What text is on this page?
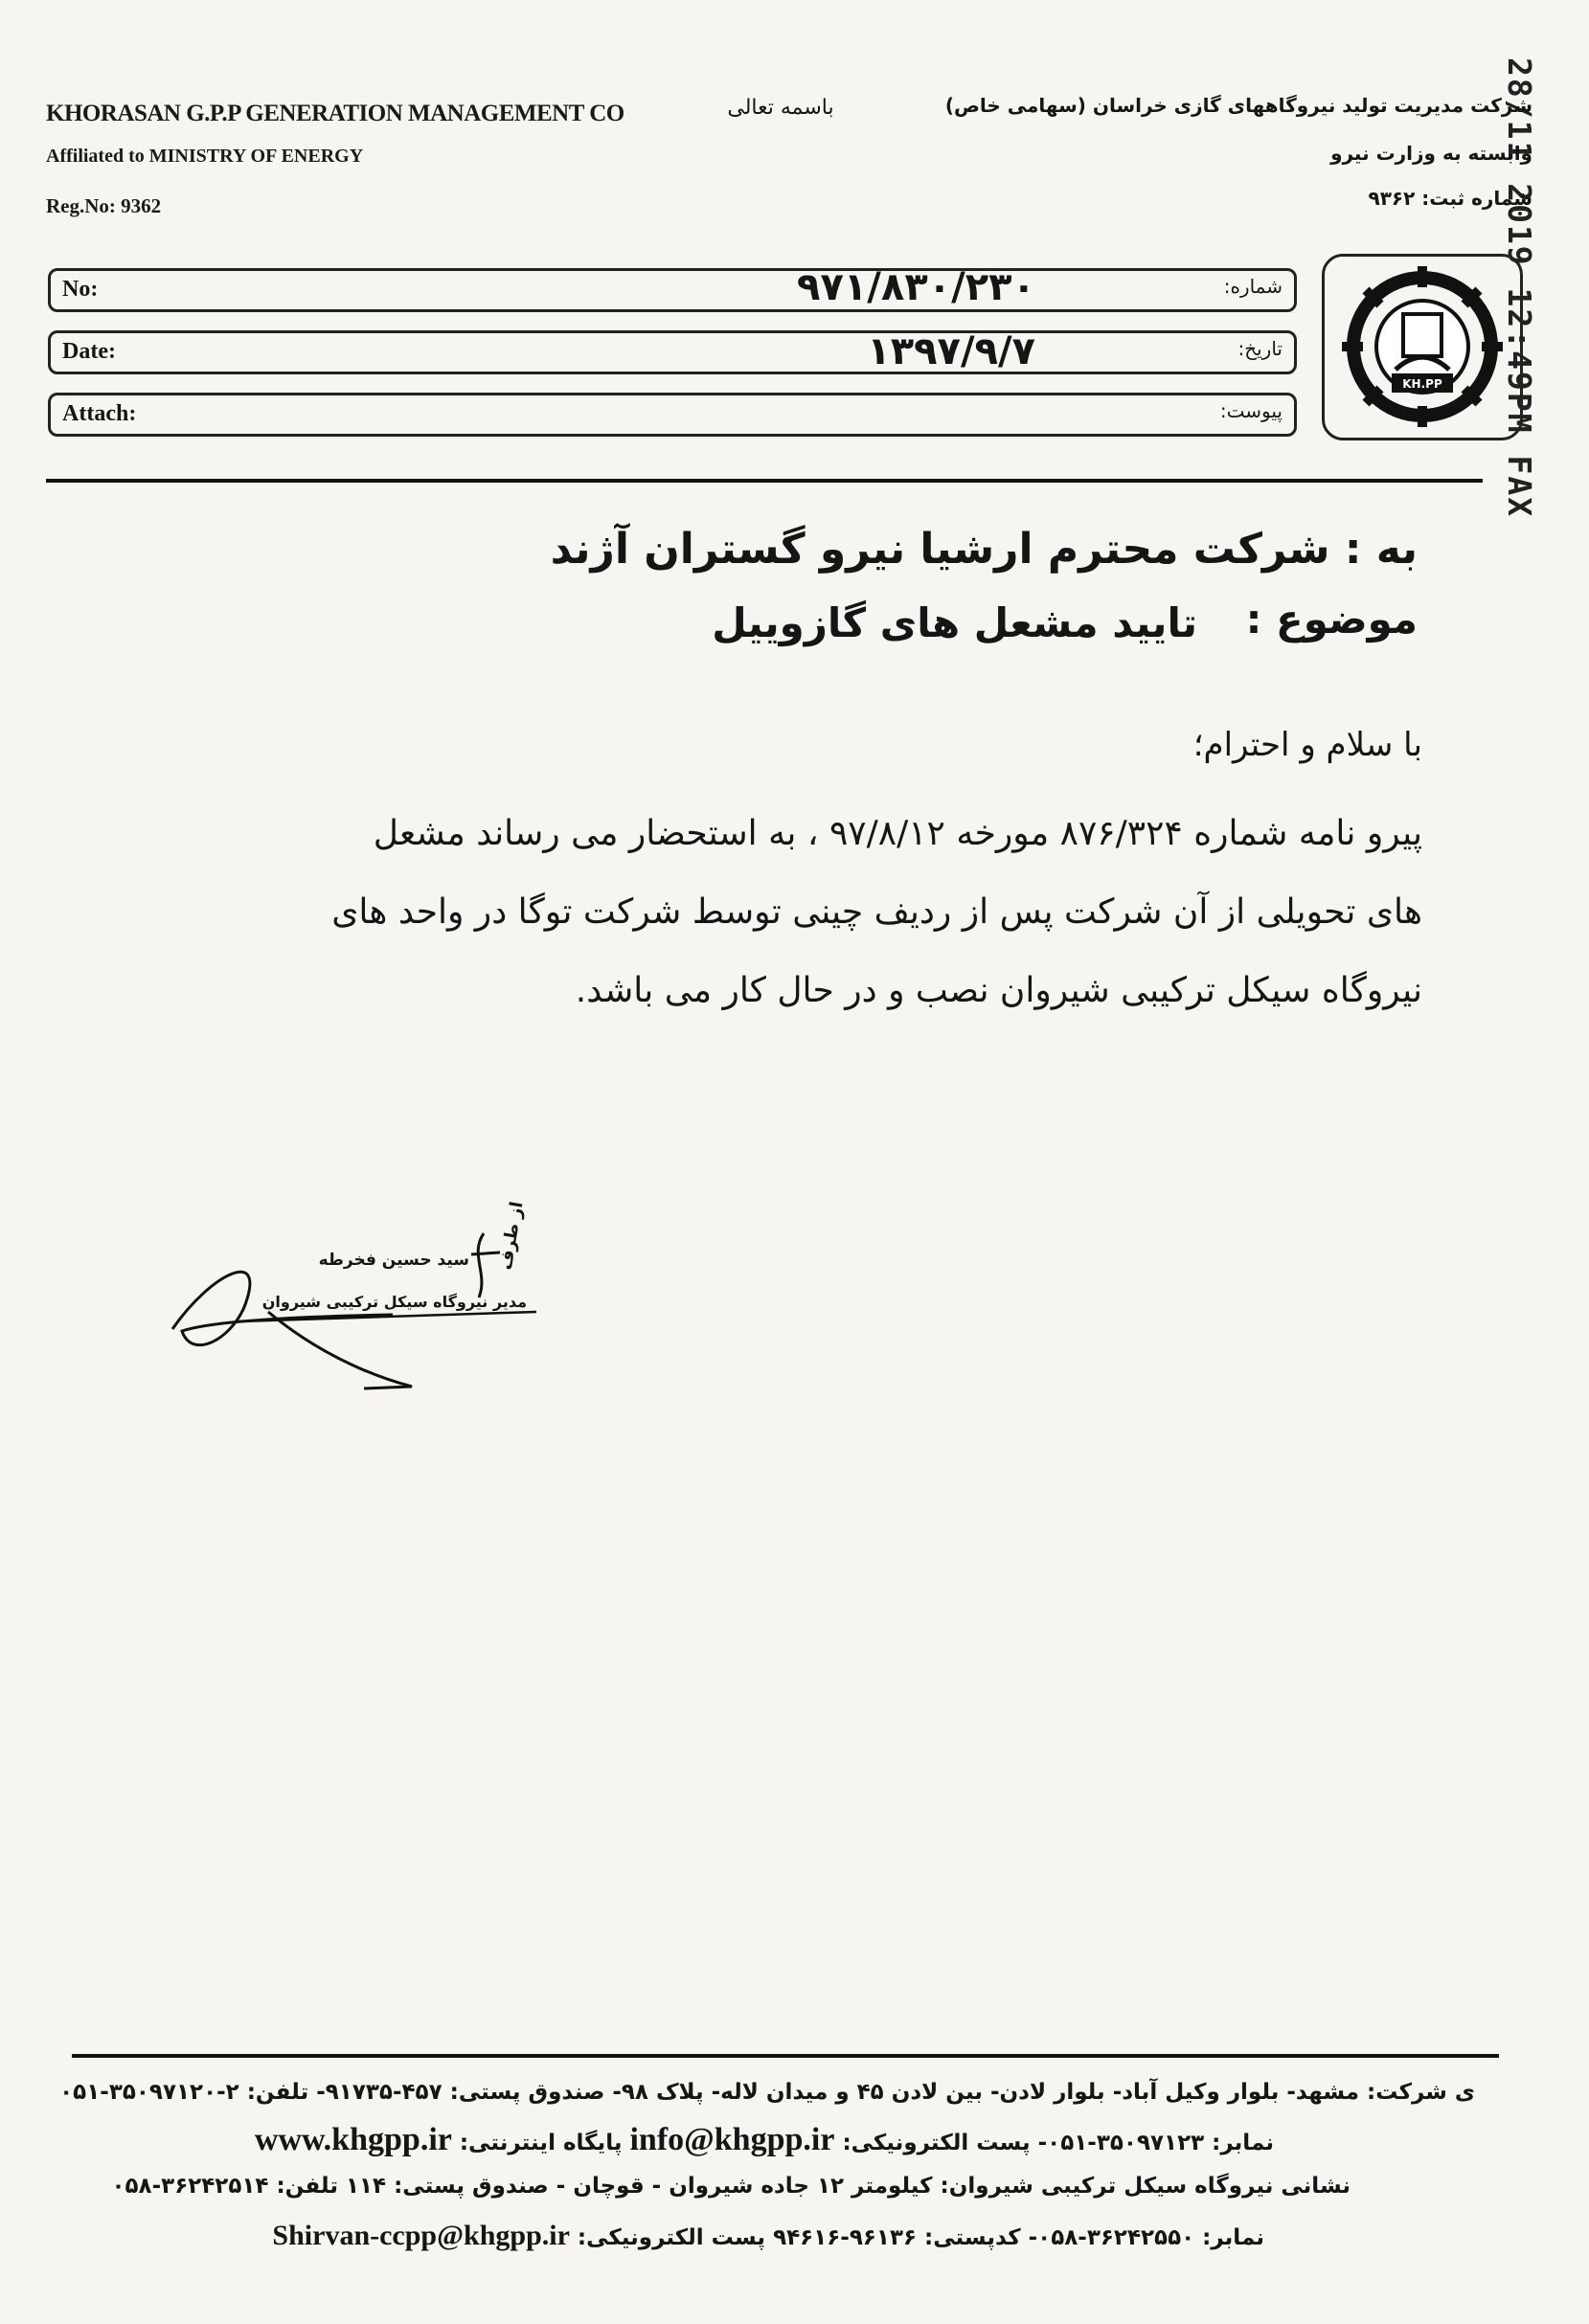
28/11 2019 12:49PM FAX
KHORASAN G.P.P GENERATION MANAGEMENT CO
Affiliated to MINISTRY OF ENERGY
Reg.No: 9362
باسمه تعالی	شرکت مدیریت تولید نیروگاههای گازی خراسان (سهامی خاص)
وابسته به وزارت نیرو
شماره ثبت: ۹۳۶۲
No:	۹۷۱/۸۳۰/۲۳۰	شماره:
Date:	۱۳۹۷/۹/۷	تاریخ:
Attach:	پیوست:
KH.PP
به : شرکت محترم ارشیا نیرو گستران آژند
موضوع :
تایید مشعل های گازوییل
با سلام و احترام؛
پیرو نامه شماره ۸۷۶/۳۲۴ مورخه ۹۷/۸/۱۲ ، به استحضار می رساند مشعل
های تحویلی از آن شرکت پس از ردیف چینی توسط شرکت توگا در واحد های
نیروگاه سیکل ترکیبی شیروان نصب و در حال کار می باشد.
سید حسین فخرطه
مدیر نیروگاه سیکل ترکیبی شیروان
از طرف
ی شرکت: مشهد- بلوار وکیل آباد- بلوار لادن- بین لادن ۴۵ و میدان لاله- پلاک ۹۸- صندوق پستی: ۴۵۷-۹۱۷۳۵- تلفن: ۲-۳۵۰۹۷۱۲۰-۰۵۱
نمابر: ۳۵۰۹۷۱۲۳-۰۵۱- پست الکترونیکی:
info@khgpp.ir
پایگاه اینترنتی:
www.khgpp.ir
نشانی نیروگاه سیکل ترکیبی شیروان: کیلومتر ۱۲ جاده شیروان - قوچان - صندوق پستی: ۱۱۴ تلفن: ۳۶۲۴۲۵۱۴-۰۵۸
نمابر: ۳۶۲۴۲۵۵۰-۰۵۸- کدپستی: ۹۶۱۳۶-۹۴۶۱۶ پست الکترونیکی:
Shirvan-ccpp@khgpp.ir
